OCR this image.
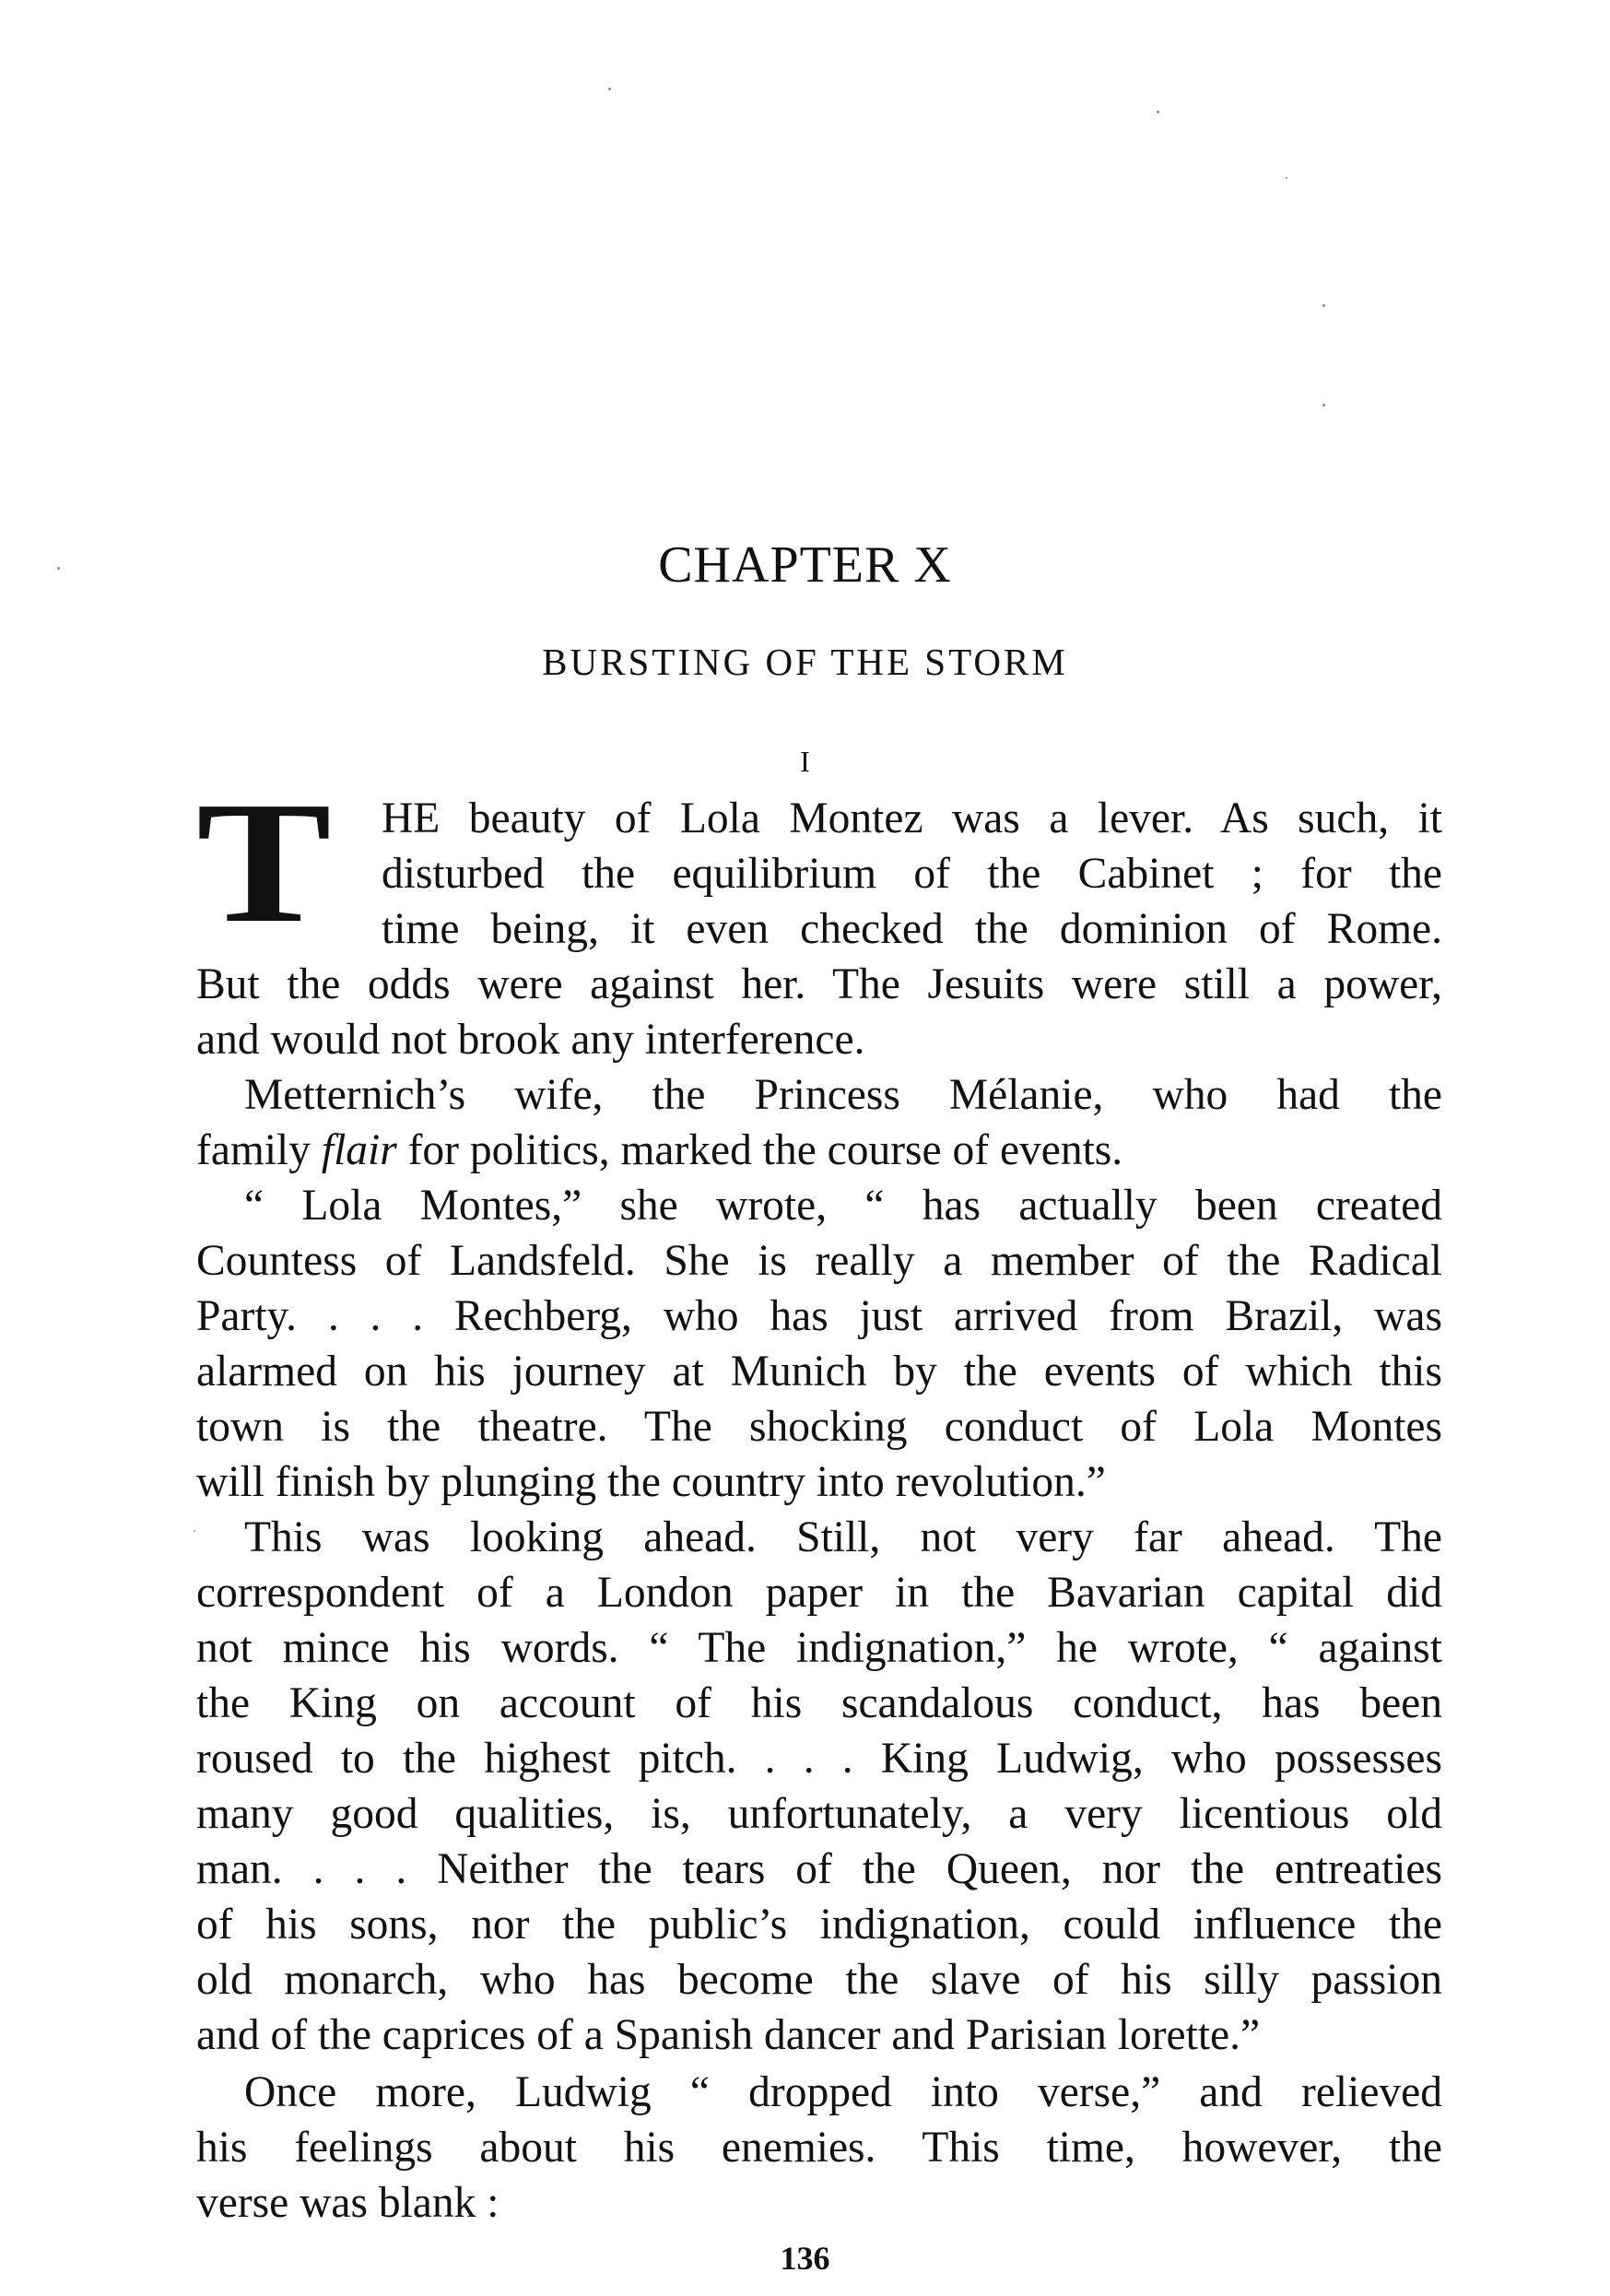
CHAPTER X
BURSTING OF THE STORM
I
T	HE beauty of Lola Montez was a lever. As such, it
disturbed the equilibrium of the Cabinet ; for the
time being, it even checked the dominion of Rome.
But the odds were against her. The Jesuits were still a power,
and would not brook any interference.
Metternich’s wife, the Princess Mélanie, who had the
family flair for politics, marked the course of events.
“ Lola Montes,” she wrote, “ has actually been created
Countess of Landsfeld. She is really a member of the Radical
Party. . . . Rechberg, who has just arrived from Brazil, was
alarmed on his journey at Munich by the events of which this
town is the theatre. The shocking conduct of Lola Montes
will finish by plunging the country into revolution.”
This was looking ahead. Still, not very far ahead. The
correspondent of a London paper in the Bavarian capital did
not mince his words. “ The indignation,” he wrote, “ against
the King on account of his scandalous conduct, has been
roused to the highest pitch. . . . King Ludwig, who possesses
many good qualities, is, unfortunately, a very licentious old
man. . . . Neither the tears of the Queen, nor the entreaties
of his sons, nor the public’s indignation, could influence the
old monarch, who has become the slave of his silly passion
and of the caprices of a Spanish dancer and Parisian lorette.”
Once more, Ludwig “ dropped into verse,” and relieved
his feelings about his enemies. This time, however, the
verse was blank :
136
